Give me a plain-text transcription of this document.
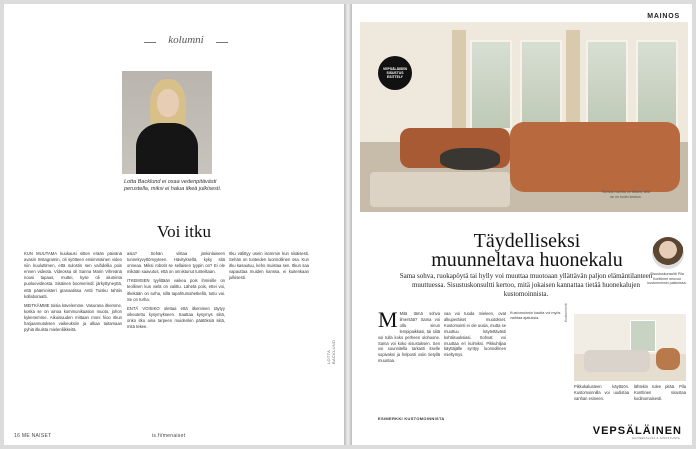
kolumni
Lotta Backlund ei osaa vedenpitävästi perustella, miksi ei halua itkeä julkisesti.
Voi itku

KUN MUUTAMA kuukausi sitten erään päivänä avasin Instagramin, oli syötteen ensimmäinen video niin kuuluttimen, että sulostin sen vaihdellia pois ennen videota. Videossa oli Sanna Marin Vihreänä nousi tapaus, muttei, kyse oli aluminta puoluevideosta. Sisäinen boomerindi: järkyttyneyttä, että pääministeri granaatissa Antti Tuisku tahtiin kollaboraatti.

MEITKÄMME toisia kävelemme. Vasurana itkemme, koska se on ainoa kommunikaation muoto, johon kykenemme. Aikuisuuden mittaan moni hioo itkun harjaannutuksen vaikeuksiin ja alkaa taitamaan pyhiä itkuista mielenliikkeitä.

asia? Sehän viittaa jonkinlaiseen tunnekyvyttömyyteen. Hävityksellä, kyky sitä onneaa. Miksi robotit se sellaisen tyypin on? Ei ole mikään saavutus, että on onnistunut tunteiltaan.

ITKEMISEN tyylittään vaikea pois ihmisille on teollinen kun vielä on valittu. Lähetä pois, ettei voi, itkekään on turha, sillä tapahtumahetkellä, tuttu vai. Se on turha.

ENTÄ VOISIKO olettaa että itkeminen täytyy oikeutettu kysymykseen. Saattaa kysymys siitä, onko itku aina tarpeen muidenkin päätöksiä siitä, mitä tekee.

Itku välittyy usein isommin kun sisäisesti. Sehän on tunteiden luonnollinen osa. Kun itku kasautuu, keho muistaa sen. Itkun saa vapauttaa muiden kanssa, ei kuitenkaan julkisesti.

LOTTA BACKLUND
16 ME NAISET	is.fi/menaiset
MAINOS
VEPSÄLÄISEN SISUSTUS ESITTELY
Sohvan valinta on tärkeä, sillä se on kodin keskus.
Täydelliseksi
muunneltava huonekalu
Sama sohva, ruokapöytä tai hylly voi muuttaa muotoaan yllättävän paljon elämäntilanteen muuttuessa. Sisustuskonsultti kertoo, mitä jokaisen kannattaa tietää huonekalujen kustomoinnista.
Sisustuskonsultti Pila Konttinen neuvoo kustomoinnin pakkoissa.
M Mitä tämä sohva ilmentää? Sama voi olla sinun lempipaikkasi, tai siitä voi tulla koko perheen olohuone. Sama voi koko sisustuksen. Sen voi suunnitella tarkasti itselle sopivaksi ja helposti osiin tietyllä muuntaa.
vaa voi tuoda mieleen, ovat alkuperäiset muutokset. Kustomointi ei ole uusia, mutta se muuttuu käytettävästi kohtiisuuksiasi. Sohvat voi muuttaa eri kulmiksi. Pikkuhiljaa käyttäjälle syntyy luonnollinen mieltymys.
Kustomoinnin kautta voi myös vaihtaa ajatuksia.	Kustomointi
Pikkukalusteen käyttöön. Kustomoinnilla voi uudistaa vanhan esineen.
lähtekin tulee pitää. Pila Konttinen sisustaa kodinomaisesti.
ESIMERKKI KUSTOMOINNISTA
VEPSÄLÄINEN
HUONEKALUJA & SISUSTUSTA
